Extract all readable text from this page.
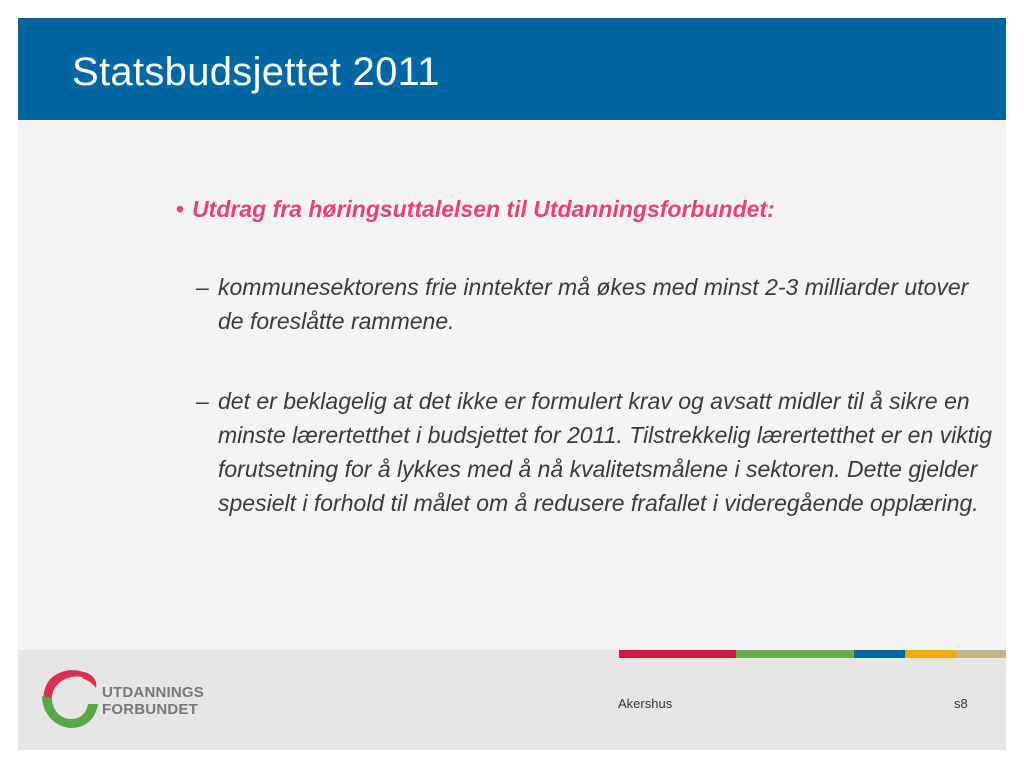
Statsbudsjettet 2011
• Utdrag fra høringsuttalelsen til Utdanningsforbundet:
– kommunesektorens frie inntekter må økes med minst 2-3 milliarder utover de foreslåtte rammene.
– det er beklagelig at det ikke er formulert krav og avsatt midler til å sikre en minste lærertetthet i budsjettet for 2011. Tilstrekkelig lærertetthet er en viktig forutsetning for å lykkes med å nå kvalitetsmålene i sektoren. Dette gjelder spesielt i forhold til målet om å redusere frafallet i videregående opplæring.
UTDANNINGS
FORBUNDET	Akershus	s8
